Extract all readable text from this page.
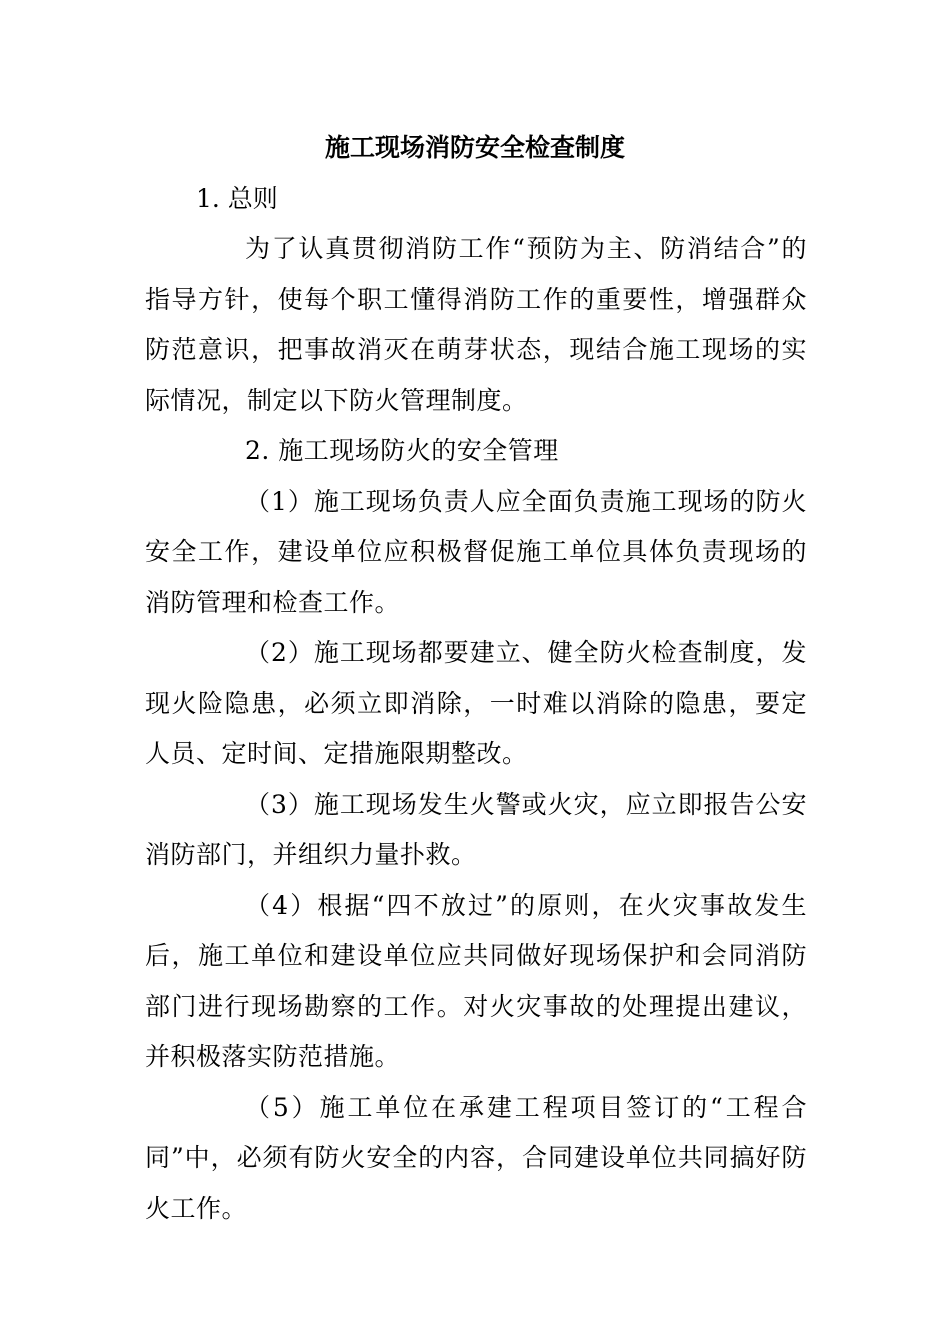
施工现场消防安全检查制度
1. 总则

为了认真贯彻消防工作“预防为主、防消结合”的指导方针，使每个职工懂得消防工作的重要性，增强群众防范意识，把事故消灭在萌芽状态，现结合施工现场的实际情况，制定以下防火管理制度。

2. 施工现场防火的安全管理

（1）施工现场负责人应全面负责施工现场的防火安全工作，建设单位应积极督促施工单位具体负责现场的消防管理和检查工作。

（2）施工现场都要建立、健全防火检查制度，发现火险隐患，必须立即消除，一时难以消除的隐患，要定人员、定时间、定措施限期整改。

（3）施工现场发生火警或火灾，应立即报告公安消防部门，并组织力量扑救。

（4）根据“四不放过”的原则，在火灾事故发生后，施工单位和建设单位应共同做好现场保护和会同消防部门进行现场勘察的工作。对火灾事故的处理提出建议，并积极落实防范措施。

（5）施工单位在承建工程项目签订的“工程合同”中，必须有防火安全的内容，合同建设单位共同搞好防火工作。
